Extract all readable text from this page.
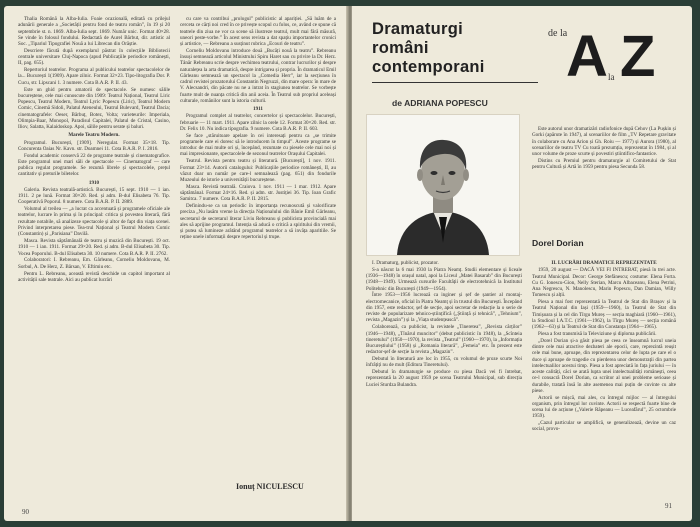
Thalia Română la Alba-Iulia. Foaie ocazională, editată cu prilejul adunării generale a „Societății pentru fond de teatru român”, în 19 și 20 septembrie st. n. 1869. Alba-Iulia sept. 1869. Număr unic. Format 40×28. Se vinde în folosul fondului. Redactată de Aurel Bărbut, dir. artistic al Soc. „Tipariul Tipografiei Nouă a lui Librecan din Orăștie.

Descriere făcută după exemplarul păstrat în colecțiile Bibliotecii centrale universitare Cluj-Napoca (apud Publicațiile periodice românești, II, pag. 655).

Repertoriul teatrelor. Programa al publicului teatrelor spectacolelor de la... București 1(1909). Apare zilnic. Format 32×23. Tipo-litografia Dor. P. Cucu, str. Lipscani 1. 3 numere. Cota B.A.R. P. II. 43.

Este un ghid pentru amatorii de spectacole. Se numesc sălile bucureștene, cele mai cunoscute din 1909: Teatrul Național, Teatrul Liric Popescu, Teatrul Modern, Teatrul Lyric Popescu (Liric), Teatrul Modern Comic, Cinemă Sidoli, Palatul Ateneului, Teatrul Bulevard, Teatrul Dacia; cinematografele: Oeser, Bărbuț, Botez, Volta; varieteurile: Imperiala, Olimpia-Baar, Monopol, Paradisul Capitalei, Palatul de Cristal, Casino, Iliov, Salatta, Kalaidoskop. Apoi, sălile pentru serate și baluri.

Marele Teatru Modern.

Programul. București, [1909]. Neregulat. Format 35×18. Tip. Concurenta Oaias Nr. Kavn. str. Doamnei 11. Cota B.A.R. P. I. 2816.

Fondul academic conservă 22 de programe teatrale și cinematografice. Este programul unei mari săli de spectacole — Cinematograf — care publica regulat programele. Se rezumă librele și spectacolele, prețul cantitativ și preturile biletelor.

1910

Galeria. Revista teatrală-artistică. București, 15 sept. 1910 — 1 ian. 1911. 2 pe lună. Format 30×20. Red. și adm. B-dul Elisabeta 76. Tip. Cooperativă Poporul. 8 numere. Cota B.A.R. P. II. 2889.

Volumul al treilea — „a lucrat ca accentuată și programele oficiale ale teatrelor, lucrare în prima și în principal: critica și povestea literară, fără rezultate notabile, să analizeze spectacole și altor de fapt din viața scenei. Privind interpretarea piese. Tea-trul Național și Teatrul Modern Comic (Constantin) și „Parisiana” Davilă.

Masca. Revista săptămânală de teatru și muzică din București. 19 oct. 1910 — 1 ian. 1911. Format 29×20. Red. și adm. B-dul Elisabeta 30. Tip. Vocea Poporului. B-dul Elisabeta 30. 10 numere. Cota B.A.R. P. II. 2762.

Colaboratori: I. Rebreanu, Em. Gârleanu, Corneliu Moldovanu, M. Sorbul, A. De Herz, Z. Bârsan, V. Eftimiu etc.

Pentru L. Rebreanu, această revistă deschide un capitol important al activității sale teatrale. Aici au publicat lucrări

cu care va contribui „prologul” publicistic al apariției. „Să luăm de a cerceta ce cărți noi cred în ce privește scopul cu folos, ce, având ce spune că teatrele din ziua ne vor ca scene să ilustreze teatrul, mult mai fără măsură, uneori peste-vorbe.” În acest sens revista a dat spațiu importantelor cronici și artistice, — Rebreanu a susținut rubrica „Ecouri de teatru”.

Corneliu Moldovanu introduce două „Bucăți nouă la teatru”. Rebreanu însuși semnează articolul Ministrului Spiru Haret sau cu privire la Dr. Herz. Tânăr Rebreanu scrie despre vechimea teatrului, contrar lucrurilor și despre naturalețea la arta dramatică, despre intrigarea și propria. În dramaticul Emil Gârleanu semnează un spectacol la „Comedia Herr”, iar la secțiunea în cadrul revistei prozatorului Constantin Negruzzi, din mare opera: în mare de V. Alecsandri, din păcate nu ne a intrat în stagiunea teatrelor. Se vorbește foarte mult de nuanța critică din anii aceia. În Teatrul sub propriul aceleași culturale, românilor sunt la istoria culturii.

1911

Programul complet al teatrelor, concertelor și spectacolelor. București, februarie — 11 mart. 1911. Apare zilnic la orele 12. Format 30×20. Red. str. Dr. Felix 10. Nu indica tipografia. 9 numere. Cota B.A.R. P. II. 603.

Se face „stăruitoare apelare în cei interesați pentru ca „se trimite programele care ei doresc să le introducem în timpul”. Aceste programe se introduc de mai multe ori și, începând, rezumate cu piesele cele mai noi și mai impresionante, spectacolele de sezonul teatrelor Orașului Capitalei.

Teatrul. Revista pentru teatru și literatură. [București], 1 nov. 1911. Format 23×14. Autorii catalogului: Publicațiile periodice românești, II, au văzut doar un număr pe care-l semnalează (pag. 651) din fondurile Muzeului de istorie a universității bucureștene.

Masca. Revistă teatrală. Craiova. 1 nov. 1911 — 1 mar. 1912. Apare săptămânal. Format 24×16. Red. și adm. str. Justiției 36. Tip. Ioan Grafic Samitca. 7 numere. Cota B.A.R. P. II. 2815.

Definindu-se ca un periodic în importanța recunoscută și valorificate preciza „Nu lasăm vreme la direcția Naționalului din Bănie Emil Gârleanu, secretarul de secretarul literar Liviu Rebreanu și publicista provincială mai ales să aprijine programul. Intenția să aducă o critică a spiritului din vremii, și putea să lumineze arătând programul teatrelor a să invăța aparitiile. Se reține unele informații despre repertoriul și trupe.

Ionuț NICULESCU
90
Dramaturgi
români
contemporani
de la
A la Z
de ADRIANA POPESCU

Este autorul unor dramatizări radiofonice după Cehov (La Pușkin și Gorki (apărute în 1947), al scenariilor de film „TV Repetare gravitate în colaborare cu Ana Arion și Gh. Roiu — 1977) și Aurora (1980), al scenariilor de teatru TV Cu toată prezumția, reprezentat în 1984, și al unor volume de proze scurte și povestiri știintifico-fantastice.

Distins cu Premiul pentru dramaturgie al Comitetului de Stat pentru Cultură și Artă în 1959 pentru piesa Secunda 58.

Dorel Dorian

II. LUCRĂRI DRAMATICE REPREZENTATE

1959, 20 august — DACĂ VEI FI INTREBAT, piesă în trei acte. Teatrul Municipal. Decor: George Stefănescu; costume: Elena Forta. Cu G. Ionescu-Gion, Nelly Sterian, Marcu Albaceanu, Elena Petrini, Ana Negrescu, N. Manolescu, Marin Popescu, Dan Damian, Willy Tomescu și alții.

Piesa a mai fost reprezentată la Teatrul de Stat din Brașov și la Teatrul Național din Iași (1959—1960), la Teatrul de Stat din Timișoara și la cel din Tîrgu Mureș — secția maghiară (1960—1961), la Studioul I.A.T.C. (1961—1962), la Tîrgu Mureș — secția română (1962—63) și la Teatrul de Stat din Constanța (1964—1965).

Piesa a fost transmisă la Televiziune și diploma publicării.

„Dorel Dorian și-a găsit piesa pe ceea ce înseamnă lucrul uneia dintre cele mai atractive dezbateri ale epocii, care, reprezintă reușit cele mai bune, aproape, din reprezentarea celor de lupta pe care el o duce și aproape de tragedie cu pierderea unor demonstrații din partea intelectualilor acestui timp. Piesa a fost apreciată în fața juriului — în aceste calități, căci se arată lupta unei intelectualități românești, ceea ce-l consacră Dorel Dorian, ca scriitor al unei probleme serioase și durabile, tratată însă în alte asemenea mai puțin de cuvinte cu alte piese.

Actorii se mișcă, mai ales, cu întregul mijloc — al întregului organism, prin întregul lor cuvinte. Actorii se respectă foarte bine de scena lui de acțiune („Valerie Răpeanu — Luceafărul”, 25 octombrie 1959).

„Cazul particular se amplifică, se generalizează, devine un caz social, provo-

I. Dramaturg, publicist, prozator.

S-a născut la 6 mai 1930 la Piatra Neamț. Studii elementare și liceale (1936—1948) în orașul natal, apoi la Liceul „Matei Basarab” din București (1948—1949). Urmează cursurile Facultății de electrotehnică la Institutul Politehnic din București (1949—1954).

Între 1953—1956 lucrează ca inginer și șef de șantier al montaj-electromecanice, oficial în Piatra Neamț și în trustul din București. Începând din 1957, este redactor, șef de secție, apoi secretar de redacție la o serie de reviste de popularizare tehnico-științifică („Știință și tehnică”, „Tehnium”, revista „Magazin”) și la „Viața studențească”.

Colaborează, ca publicist, la revistele „Tineretea”, „Revista cărților” (1946—1948), „Tînărul muncitor” (debut publicistic în 1948), la „Scînteia tineretului” (1950—1970), la revista „Teatrul” (1960—1970), la „Informația Bucureștiului” (1958) și „Romania literară”, „Femeia” etc. În prezent este redactor-șef de secție la revista „Magazin”.

Debutul în literatură are loc în 1955, cu volumul de proze scurte Noi înfrățiți nu de mult (Editura Tineretului).

Debutul în dramaturgie se produce cu piesa Dacă vei fi întrebat, reprezentată la 20 august 1959 pe scena Teatrului Municipal, sub direcția Luciei Sturdza Bulandra.

91
